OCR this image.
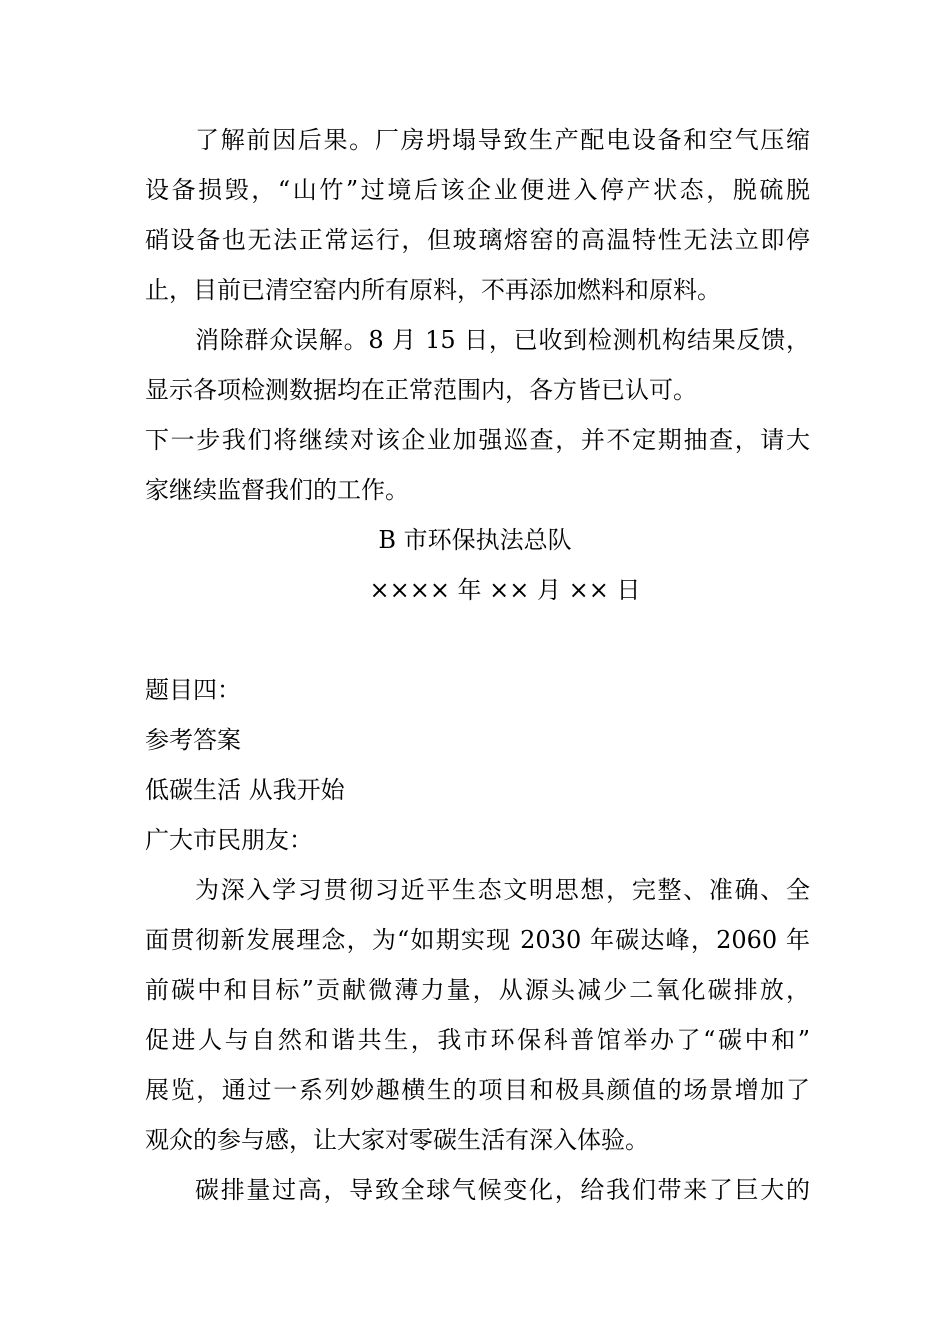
了解前因后果。厂房坍塌导致生产配电设备和空气压缩
设备损毁，“山竹”过境后该企业便进入停产状态，脱硫脱
硝设备也无法正常运行，但玻璃熔窑的高温特性无法立即停
止，目前已清空窑内所有原料，不再添加燃料和原料。
消除群众误解。8 月 15 日，已收到检测机构结果反馈，
显示各项检测数据均在正常范围内，各方皆已认可。
下一步我们将继续对该企业加强巡查，并不定期抽查，请大
家继续监督我们的工作。
B 市环保执法总队
×××× 年 ×× 月 ×× 日
题目四：
参考答案
低碳生活 从我开始
广大市民朋友：
为深入学习贯彻习近平生态文明思想，完整、准确、全
面贯彻新发展理念，为“如期实现 2030 年碳达峰，2060 年
前碳中和目标”贡献微薄力量，从源头减少二氧化碳排放，
促进人与自然和谐共生，我市环保科普馆举办了“碳中和”
展览，通过一系列妙趣横生的项目和极具颜值的场景增加了
观众的参与感，让大家对零碳生活有深入体验。
碳排量过高，导致全球气候变化，给我们带来了巨大的
